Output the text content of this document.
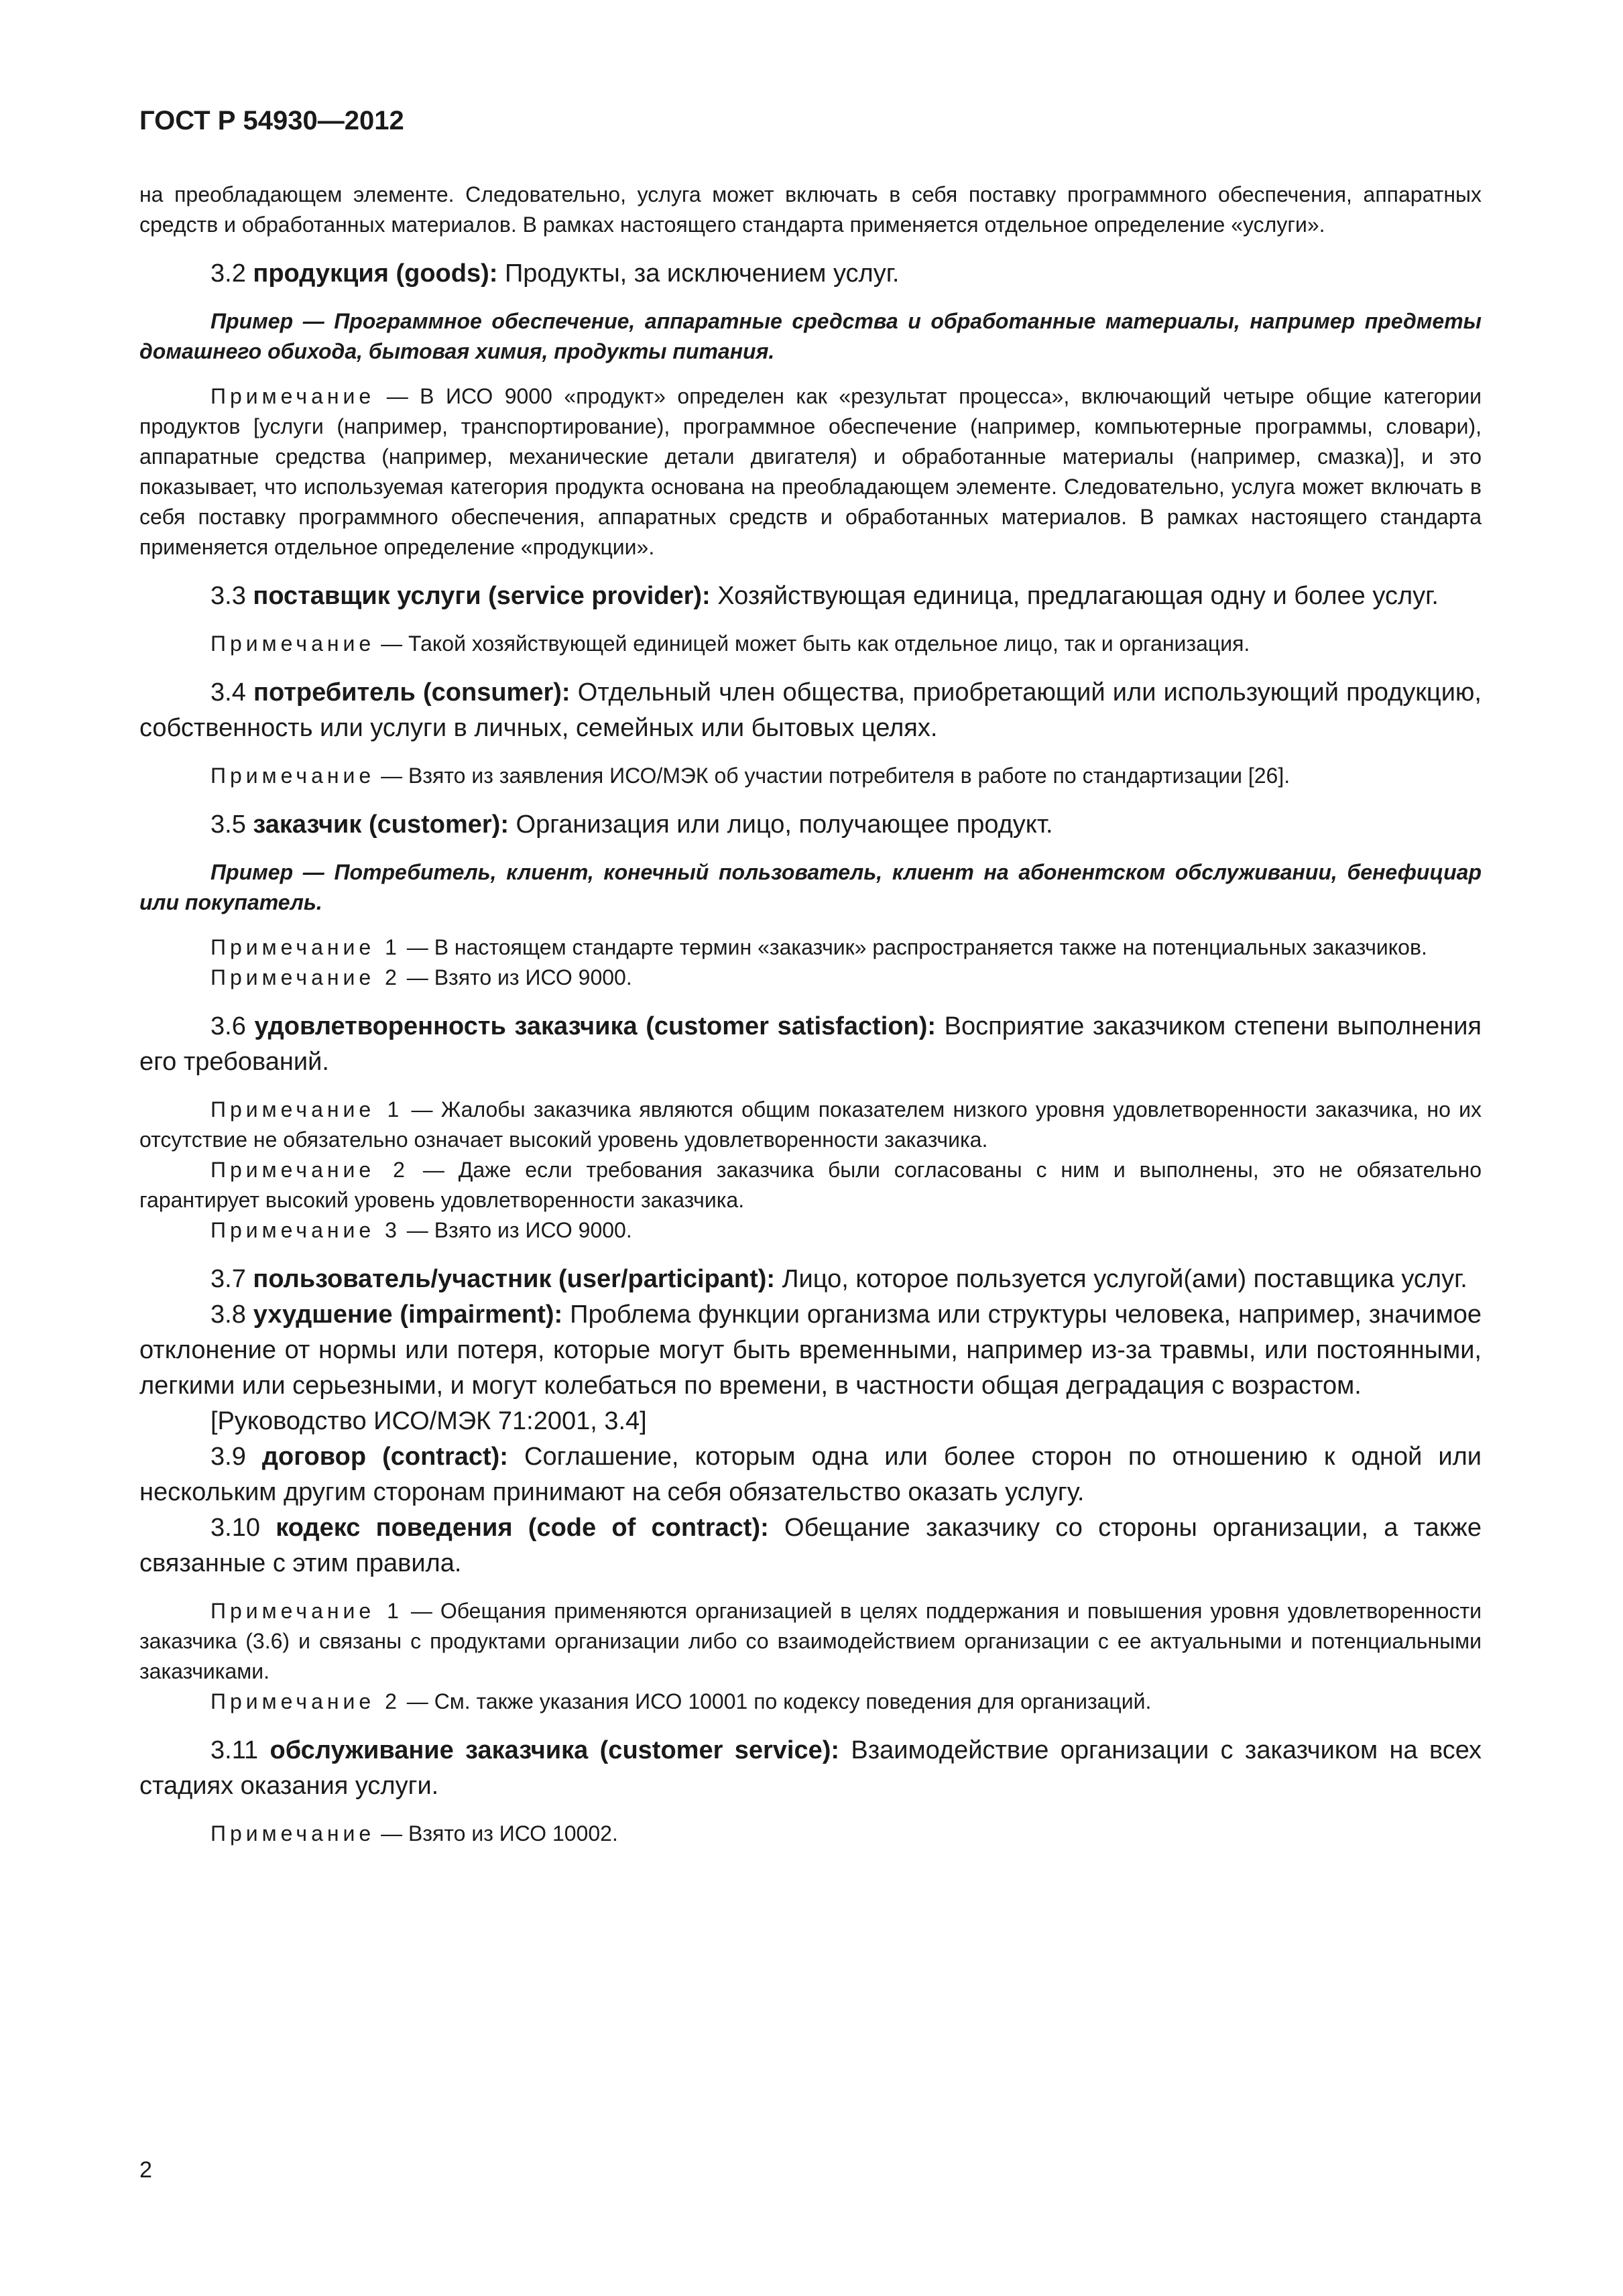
ГОСТ Р 54930—2012

на преобладающем элементе. Следовательно, услуга может включать в себя поставку программного обеспечения, аппаратных средств и обработанных материалов. В рамках настоящего стандарта применяется отдельное определение «услуги».

3.2 продукция (goods): Продукты, за исключением услуг.

Пример — Программное обеспечение, аппаратные средства и обработанные материалы, например предметы домашнего обихода, бытовая химия, продукты питания.

Примечание — В ИСО 9000 «продукт» определен как «результат процесса», включающий четыре общие категории продуктов [услуги (например, транспортирование), программное обеспечение (например, компьютерные программы, словари), аппаратные средства (например, механические детали двигателя) и обработанные материалы (например, смазка)], и это показывает, что используемая категория продукта основана на преобладающем элементе. Следовательно, услуга может включать в себя поставку программного обеспечения, аппаратных средств и обработанных материалов. В рамках настоящего стандарта применяется отдельное определение «продукции».

3.3 поставщик услуги (service provider): Хозяйствующая единица, предлагающая одну и более услуг.

Примечание — Такой хозяйствующей единицей может быть как отдельное лицо, так и организация.

3.4 потребитель (consumer): Отдельный член общества, приобретающий или использующий продукцию, собственность или услуги в личных, семейных или бытовых целях.

Примечание — Взято из заявления ИСО/МЭК об участии потребителя в работе по стандартизации [26].

3.5 заказчик (customer): Организация или лицо, получающее продукт.

Пример — Потребитель, клиент, конечный пользователь, клиент на абонентском обслуживании, бенефициар или покупатель.

Примечание 1 — В настоящем стандарте термин «заказчик» распространяется также на потенциальных заказчиков.

Примечание 2 — Взято из ИСО 9000.

3.6 удовлетворенность заказчика (customer satisfaction): Восприятие заказчиком степени выполнения его требований.

Примечание 1 — Жалобы заказчика являются общим показателем низкого уровня удовлетворенности заказчика, но их отсутствие не обязательно означает высокий уровень удовлетворенности заказчика.

Примечание 2 — Даже если требования заказчика были согласованы с ним и выполнены, это не обязательно гарантирует высокий уровень удовлетворенности заказчика.

Примечание 3 — Взято из ИСО 9000.

3.7 пользователь/участник (user/participant): Лицо, которое пользуется услугой(ами) поставщика услуг.

3.8 ухудшение (impairment): Проблема функции организма или структуры человека, например, значимое отклонение от нормы или потеря, которые могут быть временными, например из-за травмы, или постоянными, легкими или серьезными, и могут колебаться по времени, в частности общая деградация с возрастом.

[Руководство ИСО/МЭК 71:2001, 3.4]

3.9 договор (contract): Соглашение, которым одна или более сторон по отношению к одной или нескольким другим сторонам принимают на себя обязательство оказать услугу.

3.10 кодекс поведения (code of contract): Обещание заказчику со стороны организации, а также связанные с этим правила.

Примечание 1 — Обещания применяются организацией в целях поддержания и повышения уровня удовлетворенности заказчика (3.6) и связаны с продуктами организации либо со взаимодействием организации с ее актуальными и потенциальными заказчиками.

Примечание 2 — См. также указания ИСО 10001 по кодексу поведения для организаций.

3.11 обслуживание заказчика (customer service): Взаимодействие организации с заказчиком на всех стадиях оказания услуги.

Примечание — Взято из ИСО 10002.

2
